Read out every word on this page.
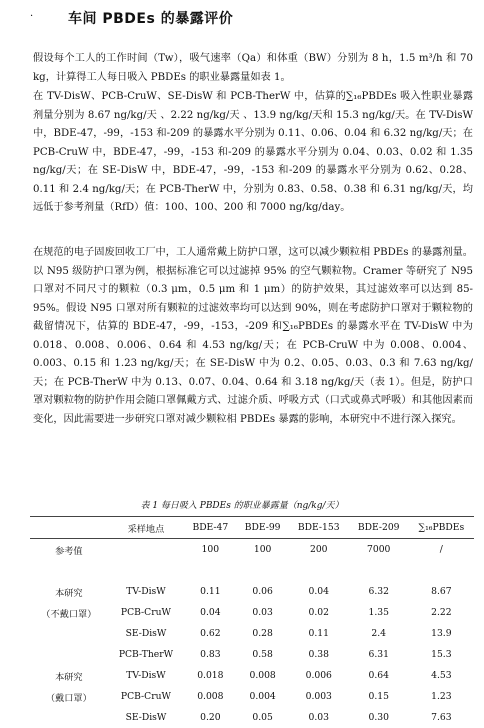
· 车间 PBDEs 的暴露评价

假设每个工人的工作时间（Tw），吸气速率（Qa）和体重（BW）分别为 8 h，1.5 m³/h 和 70 kg，计算得工人每日吸入 PBDEs 的职业暴露量如表 1。

在 TV-DisW、PCB-CruW、SE-DisW 和 PCB-TherW 中，估算的∑₁₆PBDEs 吸入性职业暴露剂量分别为 8.67 ng/kg/天 、2.22 ng/kg/天 、13.9 ng/kg/天和 15.3 ng/kg/天。在 TV-DisW 中，BDE-47，-99，-153 和-209 的暴露水平分别为 0.11、0.06、0.04 和 6.32 ng/kg/天；在 PCB-CruW 中，BDE-47，-99，-153 和-209 的暴露水平分别为 0.04、0.03、0.02 和 1.35 ng/kg/天；在 SE-DisW 中，BDE-47，-99，-153 和-209 的暴露水平分别为 0.62、0.28、0.11 和 2.4 ng/kg/天；在 PCB-TherW 中，分别为 0.83、0.58、0.38 和 6.31 ng/kg/天，均远低于参考剂量（RfD）值：100、100、200 和 7000 ng/kg/day。

在规范的电子固废回收工厂中，工人通常戴上防护口罩，这可以减少颗粒相 PBDEs 的暴露剂量。以 N95 级防护口罩为例，根据标准它可以过滤掉 95% 的空气颗粒物。Cramer 等研究了 N95 口罩对不同尺寸的颗粒（0.3 μm，0.5 μm 和 1 μm）的防护效果，其过滤效率可以达到 85-95%。假设 N95 口罩对所有颗粒的过滤效率均可以达到 90%，则在考虑防护口罩对于颗粒物的截留情况下，估算的 BDE-47，-99，-153，-209 和∑₁₆PBDEs 的暴露水平在 TV-DisW 中为 0.018、0.008、0.006、0.64 和 4.53 ng/kg/天；在 PCB-CruW 中为 0.008、0.004、0.003、0.15 和 1.23 ng/kg/天；在 SE-DisW 中为 0.2、0.05、0.03、0.3 和 7.63 ng/kg/天；在 PCB-TherW 中为 0.13、0.07、0.04、0.64 和 3.18 ng/kg/天（表 1）。但是，防护口罩对颗粒物的防护作用会随口罩佩戴方式、过滤介质、呼吸方式（口式或鼻式呼吸）和其他因素而变化，因此需要进一步研究口罩对减少颗粒相 PBDEs 暴露的影响，本研究中不进行深入探究。

表 1 每日吸入 PBDEs 的职业暴露量（ng/kg/天）
	采样地点	BDE-47	BDE-99	BDE-153	BDE-209	∑₁₆PBDEs
参考值		100	100	200	7000	/

本研究	TV-DisW	0.11	0.06	0.04	6.32	8.67
（不戴口罩）	PCB-CruW	0.04	0.03	0.02	1.35	2.22
	SE-DisW	0.62	0.28	0.11	2.4	13.9
	PCB-TherW	0.83	0.58	0.38	6.31	15.3
本研究	TV-DisW	0.018	0.008	0.006	0.64	4.53
（戴口罩）	PCB-CruW	0.008	0.004	0.003	0.15	1.23
	SE-DisW	0.20	0.05	0.03	0.30	7.63
